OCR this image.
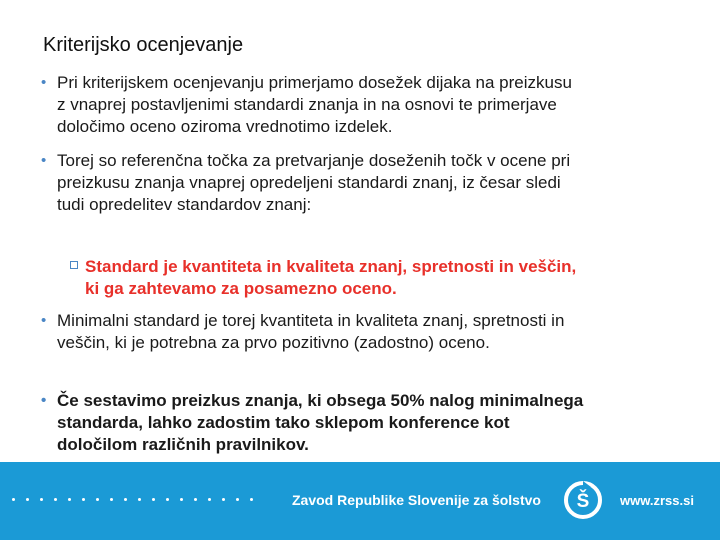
Kriterijsko ocenjevanje
• Pri kriterijskem ocenjevanju primerjamo dosežek dijaka na preizkusu
z vnaprej postavljenimi standardi znanja in na osnovi te primerjave
določimo oceno oziroma vrednotimo izdelek.
• Torej so referenčna točka za pretvarjanje doseženih točk v ocene pri
preizkusu znanja vnaprej opredeljeni standardi znanj, iz česar sledi
tudi opredelitev standardov znanj:
Standard je kvantiteta in kvaliteta znanj, spretnosti in veščin,
ki ga zahtevamo za posamezno oceno.
• Minimalni standard je torej kvantiteta in kvaliteta znanj, spretnosti in
veščin, ki je potrebna za prvo pozitivno (zadostno) oceno.
• Če sestavimo preizkus znanja, ki obsega 50% nalog minimalnega
standarda, lahko zadostim tako sklepom konference kot
določilom različnih pravilnikov.
Zavod Republike Slovenije za šolstvo Š www.zrss.si
